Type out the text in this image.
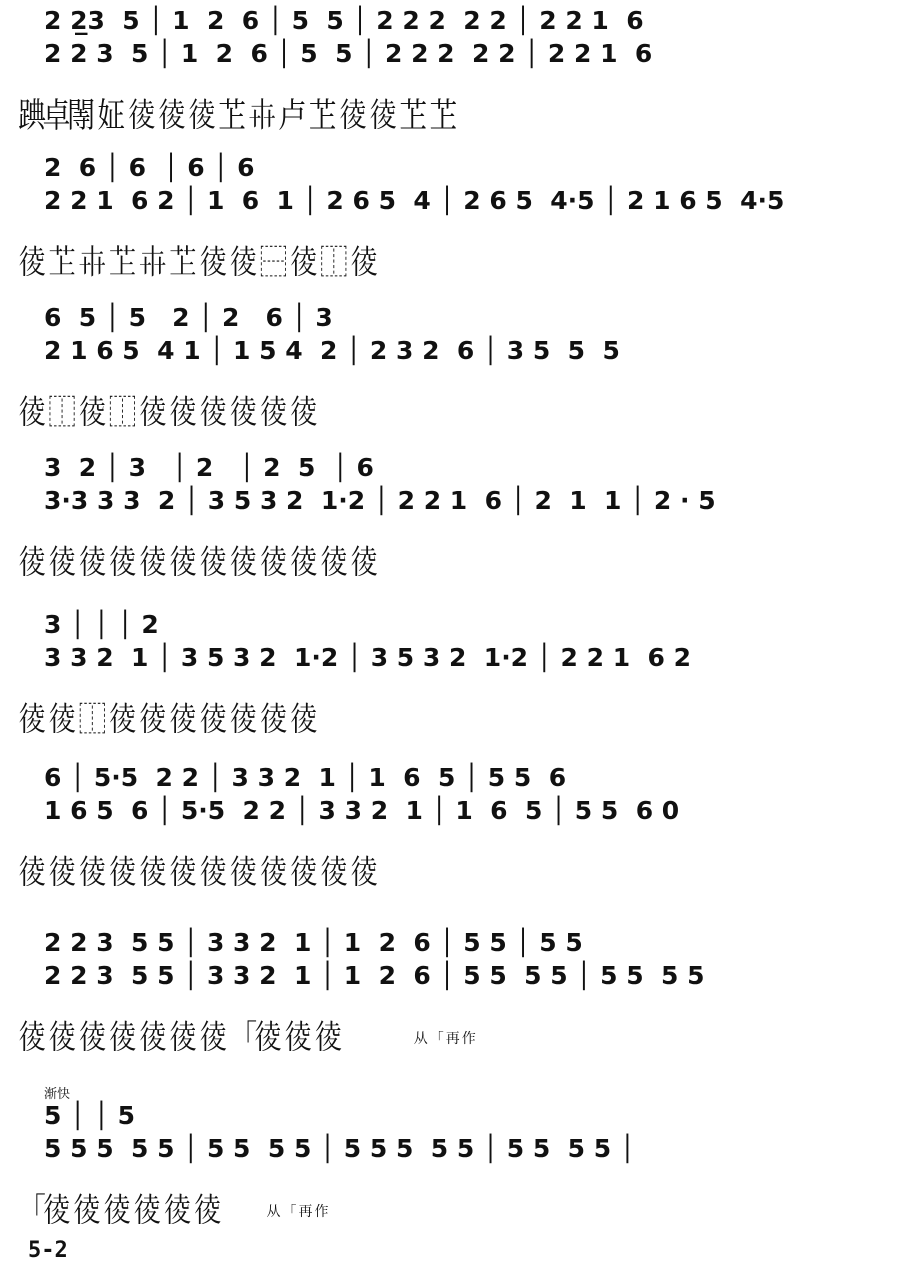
2 2̲3  5 │ 1  2  6 │ 5  5 │ 2 2 2  2 2 │ 2 2 1  6
2 2 3  5 │ 1  2  6 │ 5  5 │ 2 2 2  2 2 │ 2 2 1  6
䠄卓䦙 姃 𢔁 𢔁 𢔁 䒙 𠦃 卢 䒙 𢔁 𢔁 䒙 䒙
2  6 │ 6  │ 6 │ 6
2 2 1  6 2 │ 1  6  1 │ 2 6 5  4 │ 2 6 5  4·5 │ 2 1 6 5  4·5
𢔁 䒙 𠦃 䒙 𠦃 䒙 𢔁 𢔁 ⿱ 𢔁 ⿰ 𢔁
6  5 │ 5   2 │ 2   6 │ 3
2 1 6 5  4 1 │ 1 5 4  2 │ 2 3 2  6 │ 3 5  5  5
𢔁 ⿰ 𢔁 ⿰ 𢔁 𢔁 𢔁 𢔁 𢔁 𢔁
3  2 │ 3   │ 2   │ 2  5  │ 6
3·3 3 3  2 │ 3 5 3 2  1·2 │ 2 2 1  6 │ 2  1  1 │ 2 · 5
𢔁 𢔁 𢔁 𢔁 𢔁 𢔁 𢔁 𢔁 𢔁 𢔁 𢔁 𢔁
3 │ │ │ 2
3 3 2  1 │ 3 5 3 2  1·2 │ 3 5 3 2  1·2 │ 2 2 1  6 2
𢔁 𢔁 ⿰ 𢔁 𢔁 𢔁 𢔁 𢔁 𢔁 𢔁
6 │ 5·5  2 2 │ 3 3 2  1 │ 1  6  5 │ 5 5  6
1 6 5  6 │ 5·5  2 2 │ 3 3 2  1 │ 1  6  5 │ 5 5  6 0
𢔁 𢔁 𢔁 𢔁 𢔁 𢔁 𢔁 𢔁 𢔁 𢔁 𢔁 𢔁
2 2 3  5 5 │ 3 3 2  1 │ 1  2  6 │ 5 5 │ 5 5
2 2 3  5 5 │ 3 3 2  1 │ 1  2  6 │ 5 5  5 5 │ 5 5  5 5
𢔁 𢔁 𢔁 𢔁 𢔁 𢔁 𢔁 「𢔁 𢔁 𢔁	从「再作
渐快
5 │ │ 5
5 5 5  5 5 │ 5 5  5 5 │ 5 5 5  5 5 │ 5 5  5 5 │
「𢔁 𢔁 𢔁 𢔁 𢔁 𢔁	从「再作
5-2
